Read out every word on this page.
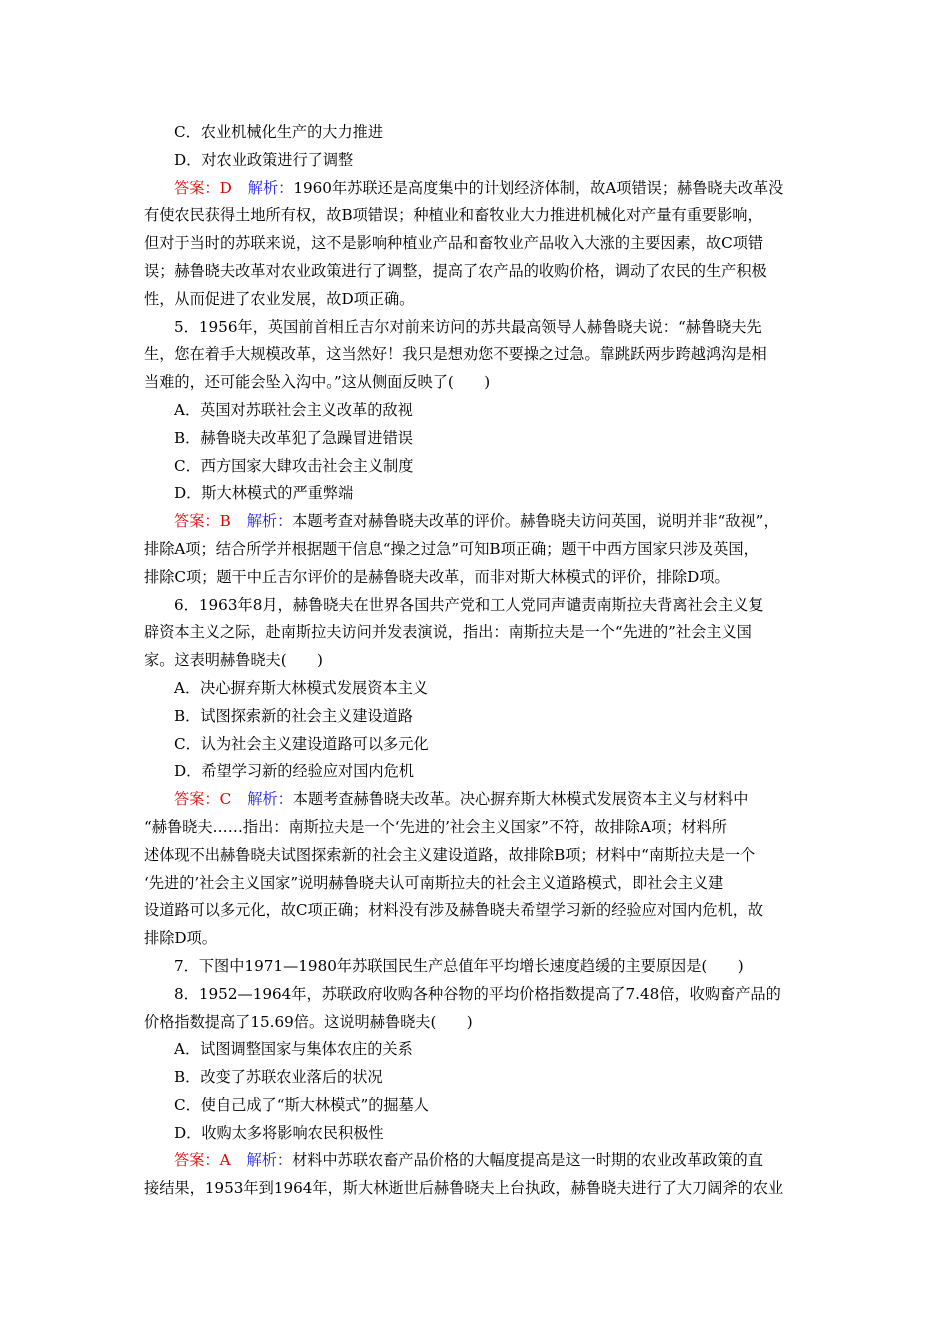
C．农业机械化生产的大力推进
D．对农业政策进行了调整
答案：D 解析：1960年苏联还是高度集中的计划经济体制，故A项错误；赫鲁晓夫改革没
有使农民获得土地所有权，故B项错误；种植业和畜牧业大力推进机械化对产量有重要影响，
但对于当时的苏联来说，这不是影响种植业产品和畜牧业产品收入大涨的主要因素，故C项错
误；赫鲁晓夫改革对农业政策进行了调整，提高了农产品的收购价格，调动了农民的生产积极
性，从而促进了农业发展，故D项正确。
5．1956年，英国前首相丘吉尔对前来访问的苏共最高领导人赫鲁晓夫说：“赫鲁晓夫先
生，您在着手大规模改革，这当然好！我只是想劝您不要操之过急。靠跳跃两步跨越鸿沟是相
当难的，还可能会坠入沟中。”这从侧面反映了(　　)
A．英国对苏联社会主义改革的敌视
B．赫鲁晓夫改革犯了急躁冒进错误
C．西方国家大肆攻击社会主义制度
D．斯大林模式的严重弊端
答案：B 解析：本题考查对赫鲁晓夫改革的评价。赫鲁晓夫访问英国，说明并非“敌视”，
排除A项；结合所学并根据题干信息“操之过急”可知B项正确；题干中西方国家只涉及英国，
排除C项；题干中丘吉尔评价的是赫鲁晓夫改革，而非对斯大林模式的评价，排除D项。
6．1963年8月，赫鲁晓夫在世界各国共产党和工人党同声谴责南斯拉夫背离社会主义复
辟资本主义之际，赴南斯拉夫访问并发表演说，指出：南斯拉夫是一个“先进的”社会主义国
家。这表明赫鲁晓夫(　　)
A．决心摒弃斯大林模式发展资本主义
B．试图探索新的社会主义建设道路
C．认为社会主义建设道路可以多元化
D．希望学习新的经验应对国内危机
答案：C 解析：本题考查赫鲁晓夫改革。决心摒弃斯大林模式发展资本主义与材料中
“赫鲁晓夫……指出：南斯拉夫是一个‘先进的’社会主义国家”不符，故排除A项；材料所
述体现不出赫鲁晓夫试图探索新的社会主义建设道路，故排除B项；材料中“南斯拉夫是一个
‘先进的’社会主义国家”说明赫鲁晓夫认可南斯拉夫的社会主义道路模式，即社会主义建
设道路可以多元化，故C项正确；材料没有涉及赫鲁晓夫希望学习新的经验应对国内危机，故
排除D项。
7．下图中1971—1980年苏联国民生产总值年平均增长速度趋缓的主要原因是(　　)
8．1952—1964年，苏联政府收购各种谷物的平均价格指数提高了7.48倍，收购畜产品的
价格指数提高了15.69倍。这说明赫鲁晓夫(　　)
A．试图调整国家与集体农庄的关系
B．改变了苏联农业落后的状况
C．使自己成了“斯大林模式”的掘墓人
D．收购太多将影响农民积极性
答案：A 解析：材料中苏联农畜产品价格的大幅度提高是这一时期的农业改革政策的直
接结果，1953年到1964年，斯大林逝世后赫鲁晓夫上台执政，赫鲁晓夫进行了大刀阔斧的农业
